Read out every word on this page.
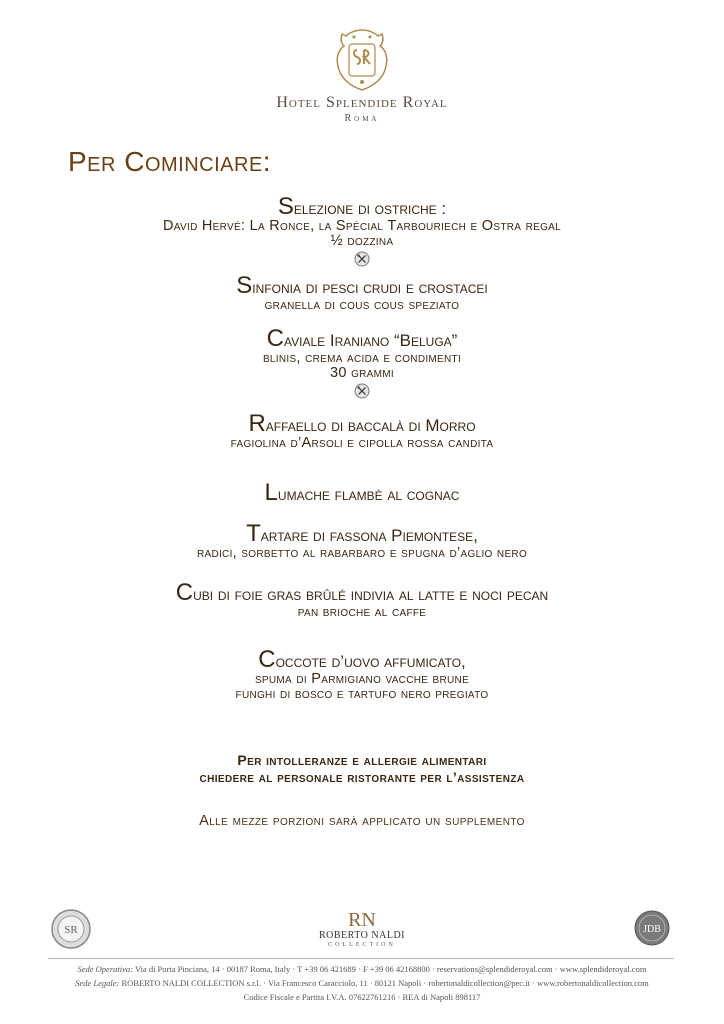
Hotel Splendide Royal
Roma
Per Cominciare:
Selezione di ostriche :
David Hervé: La Ronce, la Spécial Tarbouriech e Ostra regal
½ dozzina
Sinfonia di pesci crudi e crostacei
granella di cous cous speziato
Caviale Iraniano “Beluga”
blinis, crema acida e condimenti
30 grammi
Raffaello di baccalà di Morro
fagiolina d’Arsoli e cipolla rossa candita
Lumache flambè al cognac
Tartare di fassona Piemontese,
radici, sorbetto al rabarbaro e spugna d’aglio nero
Cubi di foie gras brûlé indivia al latte e noci pecan
pan brioche al caffe
Coccote d’uovo affumicato,
spuma di Parmigiano vacche brune
funghi di bosco e tartufo nero pregiato
Per intolleranze e allergie alimentari
chiedere al personale ristorante per l’assistenza
Alle mezze porzioni sarà applicato un supplemento
SR	RN
ROBERTO NALDI
COLLECTION
JDB
Sede Operativa: Via di Porta Pinciana, 14 · 00187 Roma, Italy · T +39 06 421689 · F +39 06 42168800 · reservations@splendideroyal.com · www.splendideroyal.com
Sede Legale: ROBERTO NALDI COLLECTION s.r.l. · Via Francesco Caracciolo, 11 · 80121 Napoli · robertonaldicollection@pec.it · www.robertonaldicollection.com
Codice Fiscale e Partita I.V.A. 07622761216 · REA di Napoli 898117
